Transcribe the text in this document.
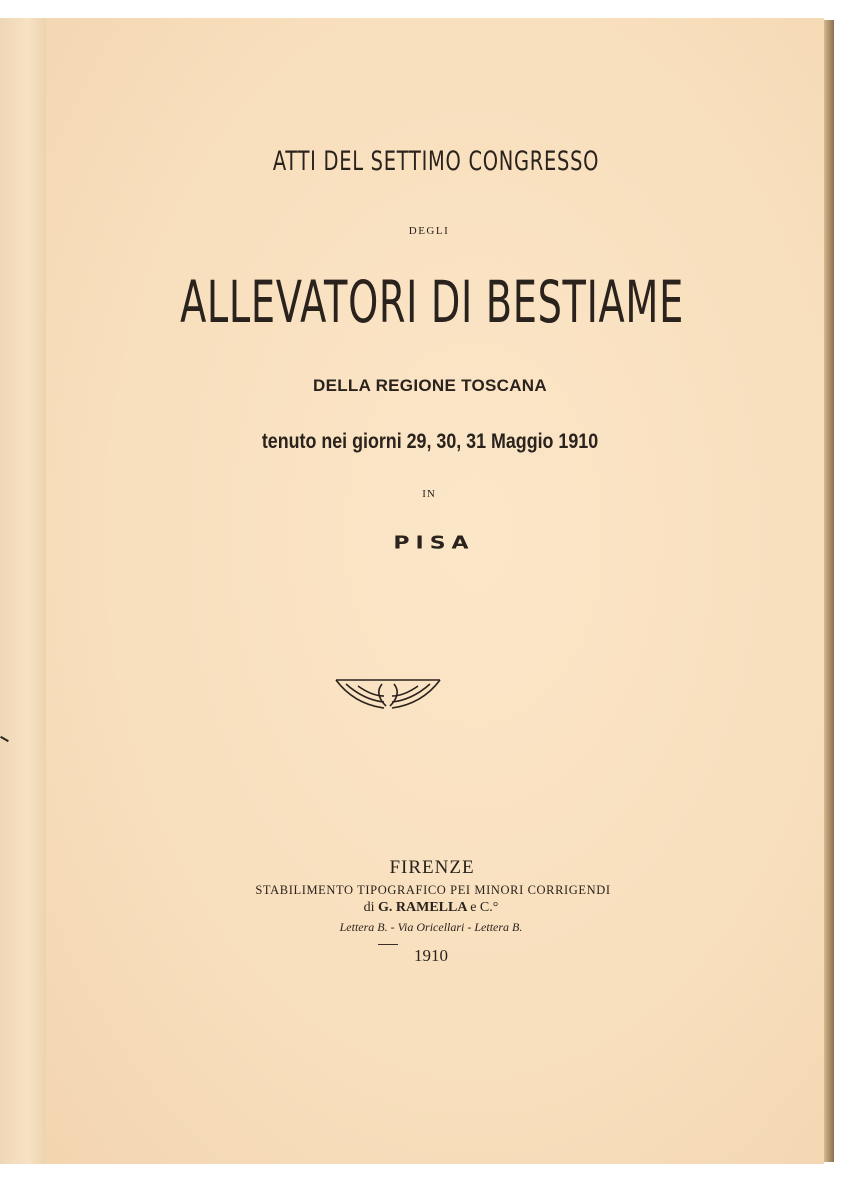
ATTI DEL SETTIMO CONGRESSO
DEGLI
ALLEVATORI DI BESTIAME
DELLA REGIONE TOSCANA
tenuto nei giorni 29, 30, 31 Maggio 1910
IN
PISA
FIRENZE
STABILIMENTO TIPOGRAFICO PEI MINORI CORRIGENDI
di G. RAMELLA e C.°
Lettera B. - Via Oricellari - Lettera B.
1910
